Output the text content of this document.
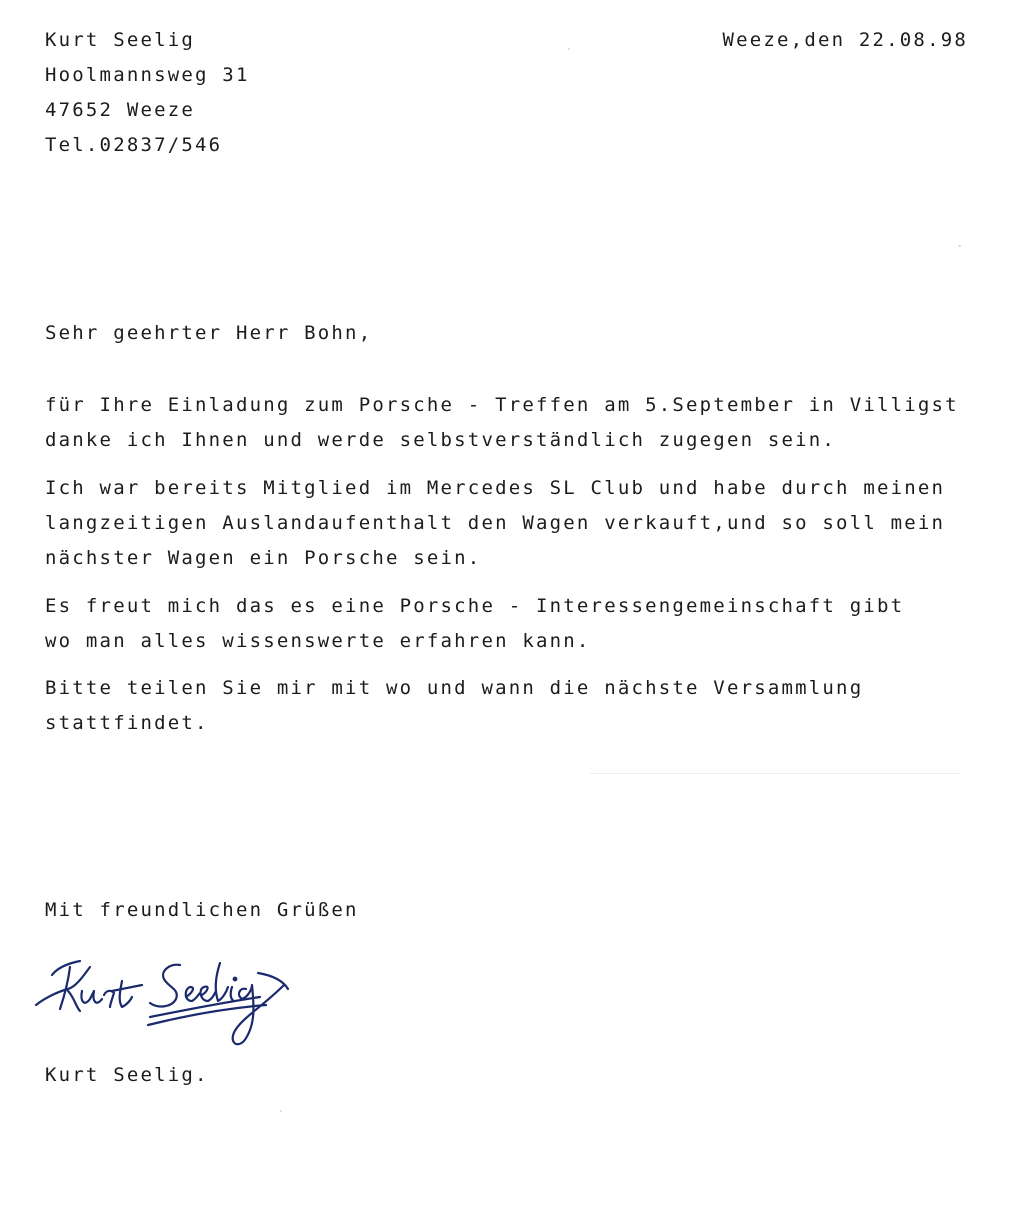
Kurt Seelig
Hoolmannsweg 31
47652 Weeze
Tel.02837/546
Weeze,den 22.08.98
Sehr geehrter Herr Bohn,
für Ihre Einladung zum Porsche - Treffen am 5.September in Villigst
danke ich Ihnen und werde selbstverständlich zugegen sein.
Ich war bereits Mitglied im Mercedes SL Club und habe durch meinen
langzeitigen Auslandaufenthalt den Wagen verkauft,und so soll mein
nächster Wagen ein Porsche sein.
Es freut mich das es eine Porsche - Interessengemeinschaft gibt
wo man alles wissenswerte erfahren kann.
Bitte teilen Sie mir mit wo und wann die nächste Versammlung
stattfindet.
Mit freundlichen Grüßen
Kurt Seelig.
